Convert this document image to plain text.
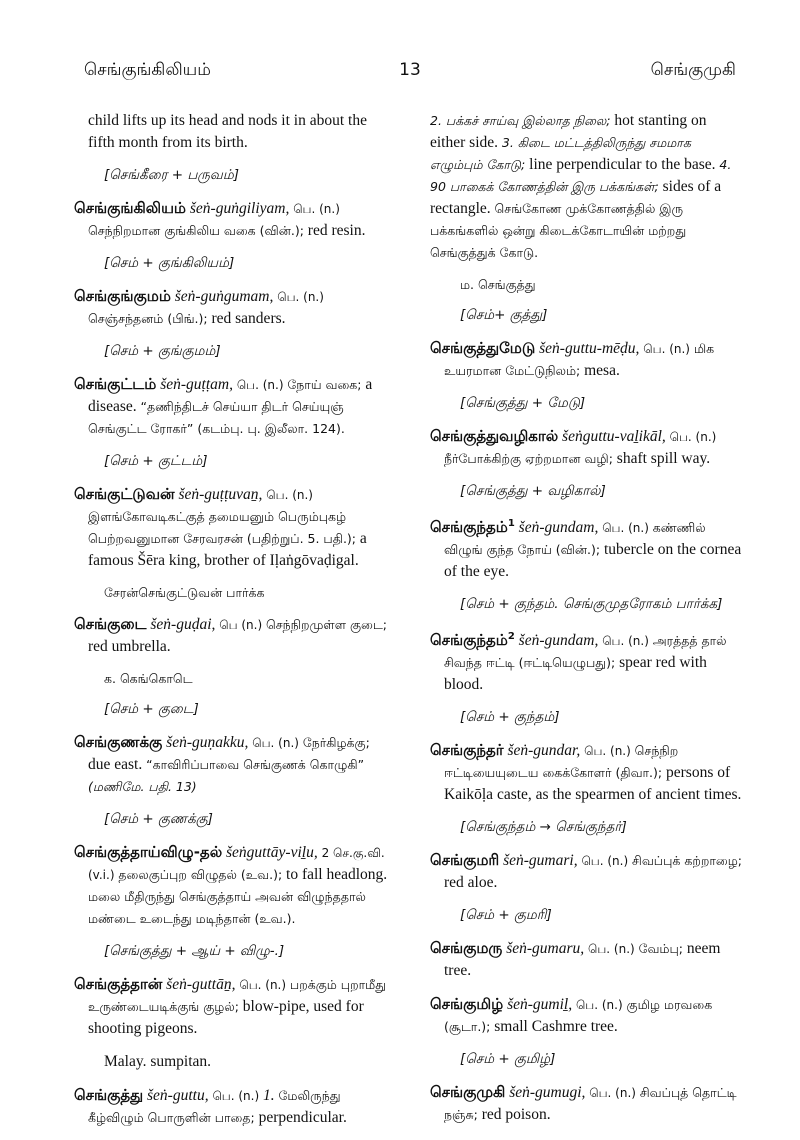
செங்குங்கிலியம்	13	செங்குமுகி

child lifts up its head and nods it in about the fifth month from its birth.

[செங்கீரை + பருவம்]

செங்குங்கிலியம் šeṅ-guṅgiliyam, பெ. (n.) செந்நிறமான குங்கிலிய வகை (வின்.); red resin.

[செம் + குங்கிலியம்]

செங்குங்குமம் šeṅ-guṅgumam, பெ. (n.) செஞ்சந்தனம் (பிங்.); red sanders.

[செம் + குங்குமம்]

செங்குட்டம் šeṅ-guṭṭam, பெ. (n.) நோய் வகை; a disease. “தணிந்திடச் செய்யா திடர் செய்யுஞ் செங்குட்ட ரோகர்” (கடம்பு. பு. இலீலா. 124).

[செம் + குட்டம்]

செங்குட்டுவன் šeṅ-guṭṭuvaṉ, பெ. (n.) இளங்கோவடிகட்குத் தமையனும் பெரும்புகழ் பெற்றவனுமான சேரவரசன் (பதிற்றுப். 5. பதி.); a famous Šēra king, brother of Iḷaṅgōvaḍigal.

சேரன்செங்குட்டுவன் பார்க்க

செங்குடை šeṅ-guḍai, பெ (n.) செந்நிறமுள்ள குடை; red umbrella.

க. கெங்கொடெ

[செம் + குடை]

செங்குணக்கு šeṅ-guṇakku, பெ. (n.) நேர்கிழக்கு; due east. “காவிரிப்பாவை செங்குணக் கொழுகி” (மணிமே. பதி. 13)

[செம் + குணக்கு]

செங்குத்தாய்விழு-தல் šeṅguttāy-viḻu, 2 செ.கு.வி. (v.i.) தலைகுப்புற விழுதல் (உவ.); to fall headlong. மலை மீதிருந்து செங்குத்தாய் அவன் விழுந்ததால் மண்டை உடைந்து மடிந்தான் (உவ.).

[செங்குத்து + ஆய் + விழு-.]

செங்குத்தான் šeṅ-guttāṉ, பெ. (n.) பறக்கும் புறாமீது உருண்டையடிக்குங் குழல்; blow-pipe, used for shooting pigeons.

Malay. sumpitan.

செங்குத்து šeṅ-guttu, பெ. (n.) 1. மேலிருந்து கீழ்விழும் பொருளின் பாதை; perpendicular.

2. பக்கச் சாய்வு இல்லாத நிலை; hot stanting on either side. 3. கிடை மட்டத்திலிருந்து சமமாக எழும்பும் கோடு; line perpendicular to the base. 4. 90 பாகைக் கோணத்தின் இரு பக்கங்கள்; sides of a rectangle. செங்கோண முக்கோணத்தில் இரு பக்கங்களில் ஒன்று கிடைக்கோடாயின் மற்றது செங்குத்துக் கோடு.

ம. செங்குத்து

[செம்+ குத்து]

செங்குத்துமேடு šeṅ-guttu-mēḍu, பெ. (n.) மிக உயரமான மேட்டுநிலம்; mesa.

[செங்குத்து + மேடு]

செங்குத்துவழிகால் šeṅguttu-vaḻikāl, பெ. (n.) நீர்போக்கிற்கு ஏற்றமான வழி; shaft spill way.

[செங்குத்து + வழிகால்]

செங்குந்தம்$^1$ šeṅ-gundam, பெ. (n.) கண்ணில் விழுங் குந்த நோய் (வின்.); tubercle on the cornea of the eye.

[செம் + குந்தம். செங்குமுதரோகம் பார்க்க]

செங்குந்தம்$^2$ šeṅ-gundam, பெ. (n.) அரத்தத் தால் சிவந்த ஈட்டி (ஈட்டியெழுபது); spear red with blood.

[செம் + குந்தம்]

செங்குந்தர் šeṅ-gundar, பெ. (n.) செந்நிற ஈட்டியையுடைய கைக்கோளர் (திவா.); persons of Kaikōḷa caste, as the spearmen of ancient times.

[செங்குந்தம் → செங்குந்தர்]

செங்குமரி šeṅ-gumari, பெ. (n.) சிவப்புக் கற்றாழை; red aloe.

[செம் + குமரி]

செங்குமரு šeṅ-gumaru, பெ. (n.) வேம்பு; neem tree.

செங்குமிழ் šeṅ-gumiḻ, பெ. (n.) குமிழ மரவகை (சூடா.); small Cashmre tree.

[செம் + குமிழ்]

செங்குமுகி šeṅ-gumugi, பெ. (n.) சிவப்புத் தொட்டி நஞ்சு; red poison.
